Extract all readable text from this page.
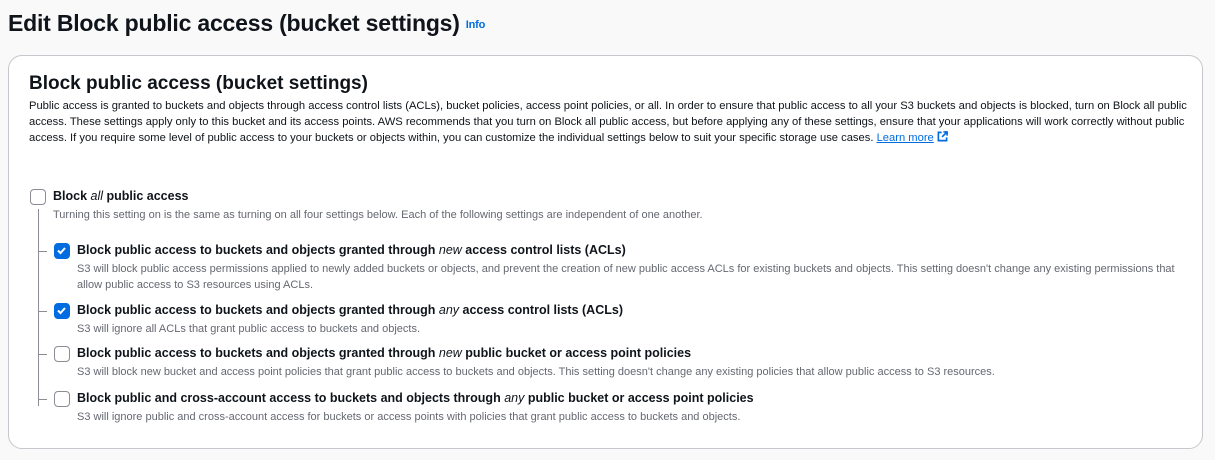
Edit Block public access (bucket settings) Info
Block public access (bucket settings)
Public access is granted to buckets and objects through access control lists (ACLs), bucket policies, access point policies, or all. In order to ensure that public access to all your S3 buckets and objects is blocked, turn on Block all public access. These settings apply only to this bucket and its access points. AWS recommends that you turn on Block all public access, but before applying any of these settings, ensure that your applications will work correctly without public access. If you require some level of public access to your buckets or objects within, you can customize the individual settings below to suit your specific storage use cases. Learn more
Block all public access
Turning this setting on is the same as turning on all four settings below. Each of the following settings are independent of one another.
Block public access to buckets and objects granted through new access control lists (ACLs)
S3 will block public access permissions applied to newly added buckets or objects, and prevent the creation of new public access ACLs for existing buckets and objects. This setting doesn't change any existing permissions that allow public access to S3 resources using ACLs.
Block public access to buckets and objects granted through any access control lists (ACLs)
S3 will ignore all ACLs that grant public access to buckets and objects.
Block public access to buckets and objects granted through new public bucket or access point policies
S3 will block new bucket and access point policies that grant public access to buckets and objects. This setting doesn't change any existing policies that allow public access to S3 resources.
Block public and cross-account access to buckets and objects through any public bucket or access point policies
S3 will ignore public and cross-account access for buckets or access points with policies that grant public access to buckets and objects.
